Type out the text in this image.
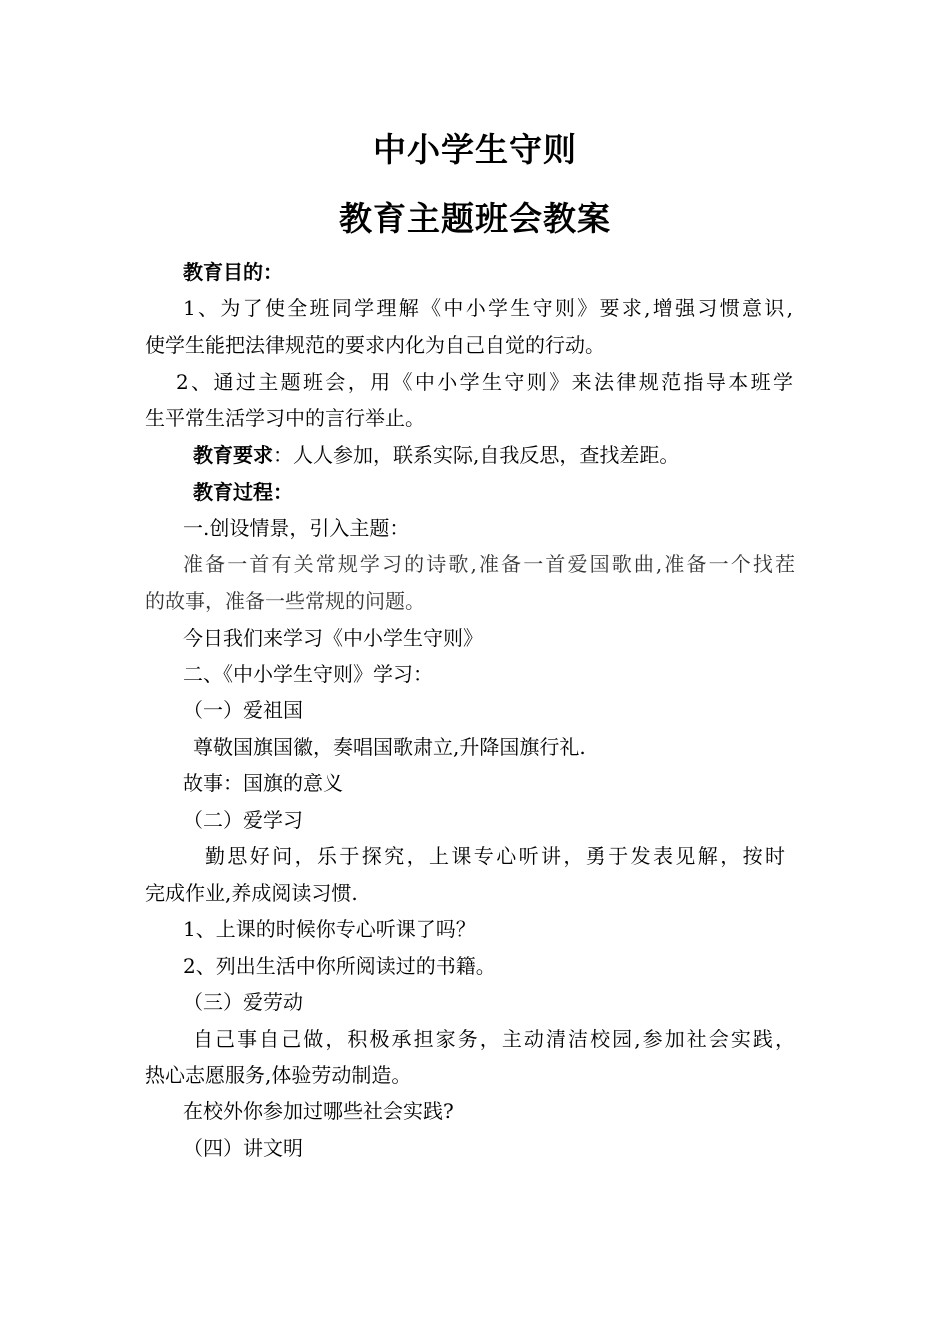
中小学生守则
教育主题班会教案
教育目的：
1、为了使全班同学理解《中小学生守则》要求,增强习惯意识,
使学生能把法律规范的要求内化为自己自觉的行动。
2、通过主题班会，用《中小学生守则》来法律规范指导本班学
生平常生活学习中的言行举止。
教育要求：人人参加，联系实际,自我反思，查找差距。
教育过程：
一.创设情景，引入主题：
准备一首有关常规学习的诗歌,准备一首爱国歌曲,准备一个找茬
的故事，准备一些常规的问题。
今日我们来学习《中小学生守则》
二、《中小学生守则》学习：
（一）爱祖国
尊敬国旗国徽，奏唱国歌肃立,升降国旗行礼.
故事：国旗的意义
（二）爱学习
勤思好问，乐于探究，上课专心听讲，勇于发表见解，按时
完成作业,养成阅读习惯.
1、上课的时候你专心听课了吗？
2、列出生活中你所阅读过的书籍。
（三）爱劳动
自己事自己做，积极承担家务，主动清洁校园,参加社会实践，
热心志愿服务,体验劳动制造。
在校外你参加过哪些社会实践?
（四）讲文明
